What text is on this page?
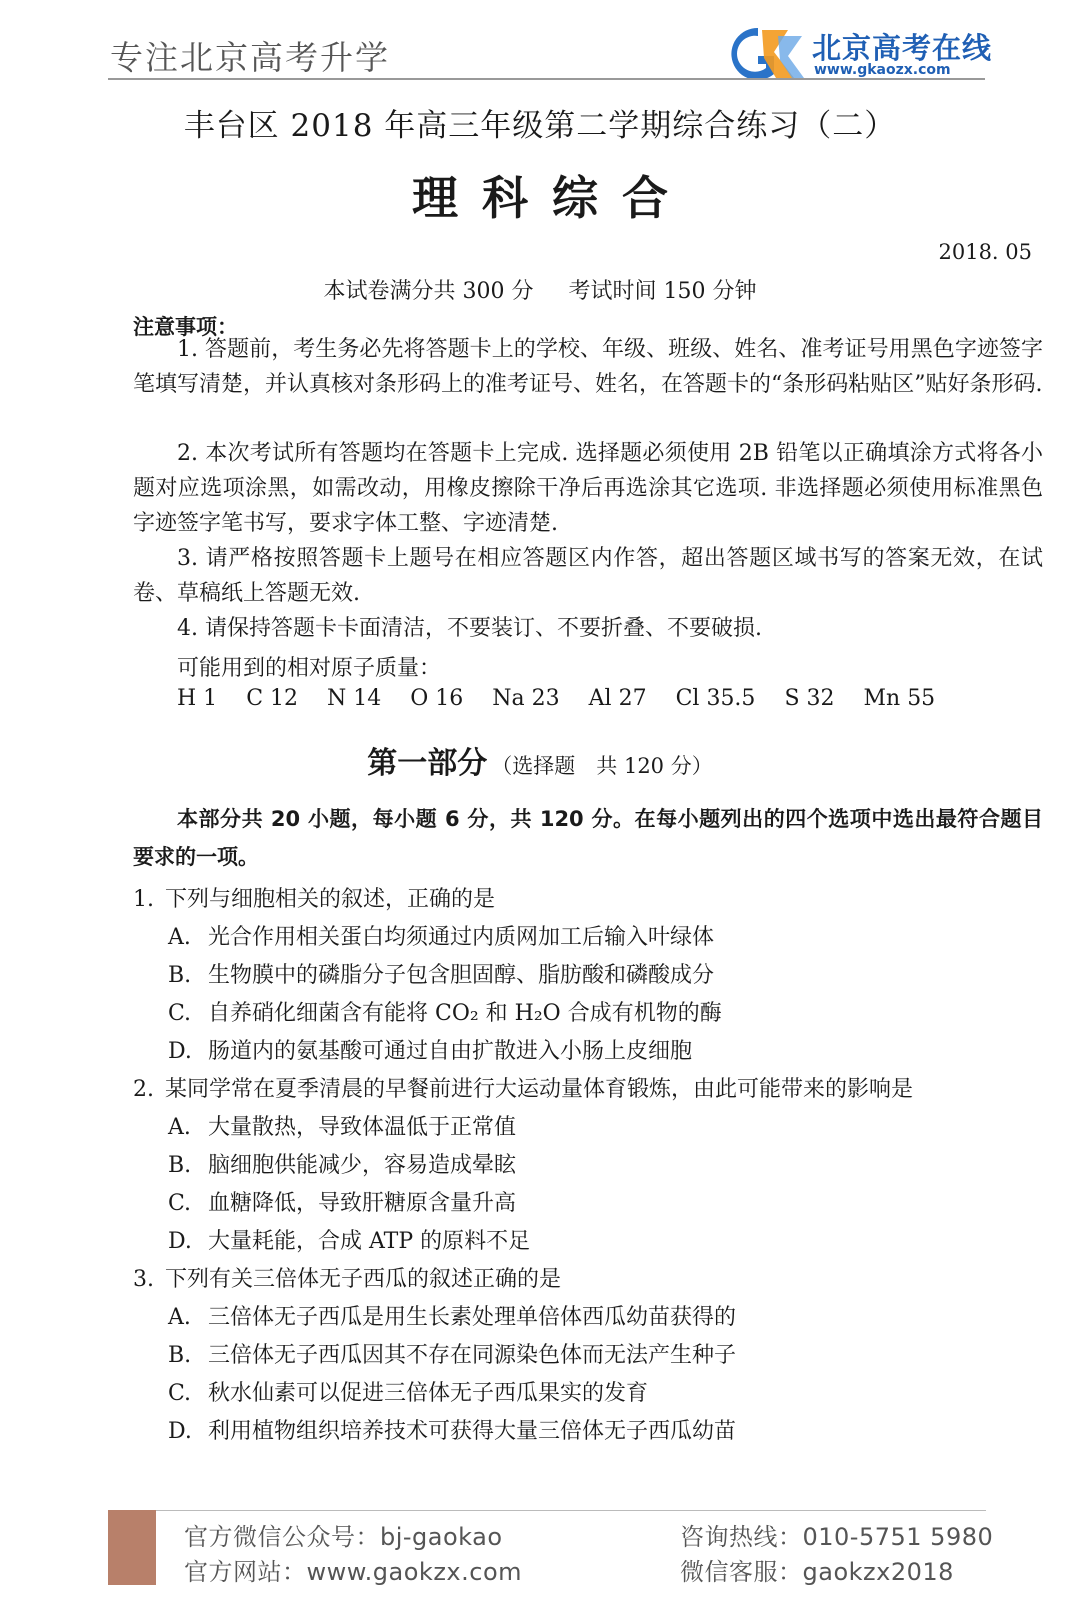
专注北京高考升学	北京高考在线
www.gkaozx.com
丰台区 2018 年高三年级第二学期综合练习（二）
理科综合
2018. 05
本试卷满分共 300 分 考试时间 150 分钟
注意事项：
1. 答题前，考生务必先将答题卡上的学校、年级、班级、姓名、准考证号用黑色字迹签字笔填写清楚，并认真核对条形码上的准考证号、姓名，在答题卡的“条形码粘贴区”贴好条形码.
2. 本次考试所有答题均在答题卡上完成. 选择题必须使用 2B 铅笔以正确填涂方式将各小题对应选项涂黑，如需改动，用橡皮擦除干净后再选涂其它选项. 非选择题必须使用标准黑色字迹签字笔书写，要求字体工整、字迹清楚.
3. 请严格按照答题卡上题号在相应答题区内作答，超出答题区域书写的答案无效，在试卷、草稿纸上答题无效.
4. 请保持答题卡卡面清洁，不要装订、不要折叠、不要破损.
可能用到的相对原子质量：
H 1 C 12 N 14 O 16 Na 23 Al 27 Cl 35.5 S 32 Mn 55
第一部分 （选择题　共 120 分）
本部分共 20 小题，每小题 6 分，共 120 分。在每小题列出的四个选项中选出最符合题目要求的一项。
1. 下列与细胞相关的叙述，正确的是
A. 光合作用相关蛋白均须通过内质网加工后输入叶绿体
B. 生物膜中的磷脂分子包含胆固醇、脂肪酸和磷酸成分
C. 自养硝化细菌含有能将 CO₂ 和 H₂O 合成有机物的酶
D. 肠道内的氨基酸可通过自由扩散进入小肠上皮细胞
2. 某同学常在夏季清晨的早餐前进行大运动量体育锻炼，由此可能带来的影响是
A. 大量散热，导致体温低于正常值
B. 脑细胞供能减少，容易造成晕眩
C. 血糖降低，导致肝糖原含量升高
D. 大量耗能，合成 ATP 的原料不足
3. 下列有关三倍体无子西瓜的叙述正确的是
A. 三倍体无子西瓜是用生长素处理单倍体西瓜幼苗获得的
B. 三倍体无子西瓜因其不存在同源染色体而无法产生种子
C. 秋水仙素可以促进三倍体无子西瓜果实的发育
D. 利用植物组织培养技术可获得大量三倍体无子西瓜幼苗
官方微信公众号：bj-gaokao
官方网站：www.gaokzx.com
咨询热线：010-5751 5980
微信客服：gaokzx2018
